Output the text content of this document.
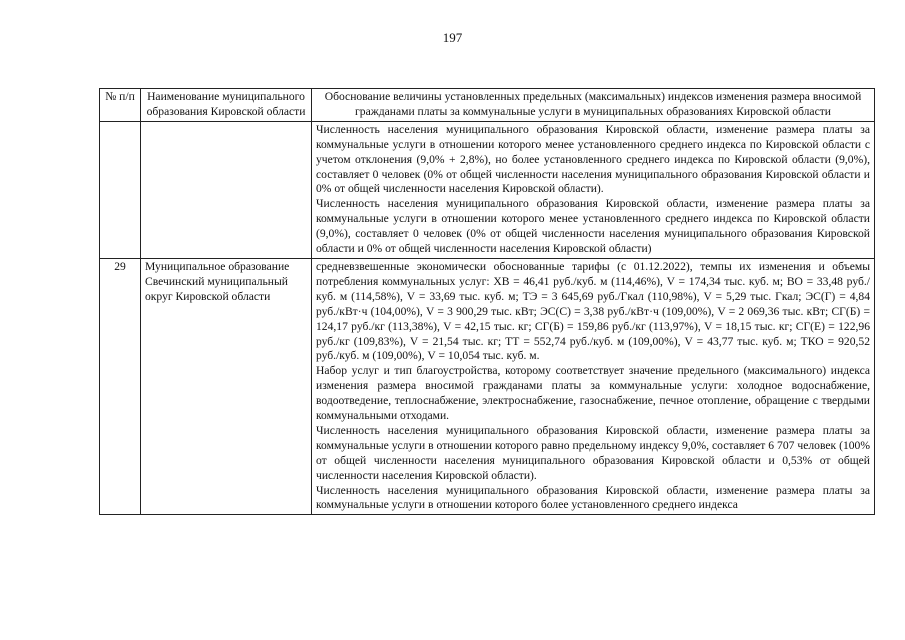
197
№ п/п	Наименование муниципального образования Кировской области	Обоснование величины установленных предельных (максимальных) индексов изменения размера вносимой гражданами платы за коммунальные услуги в муниципальных образованиях Кировской области

		Численность населения муниципального образования Кировской области, изменение размера платы за коммунальные услуги в отношении которого менее установленного среднего индекса по Кировской области с учетом отклонения (9,0% + 2,8%), но более установленного среднего индекса по Кировской области (9,0%), составляет 0 человек (0% от общей численности населения муниципального образования Кировской области и 0% от общей численности населения Кировской области).

Численность населения муниципального образования Кировской области, изменение размера платы за коммунальные услуги в отношении которого менее установленного среднего индекса по Кировской области (9,0%), составляет 0 человек (0% от общей численности населения муниципального образования Кировской области и 0% от общей численности населения Кировской области)

29	Муниципальное образование Свечинский муниципальный округ Кировской области	средневзвешенные экономически обоснованные тарифы (с 01.12.2022), темпы их изменения и объемы потребления коммунальных услуг: ХВ = 46,41 руб./куб. м (114,46%), V = 174,34 тыс. куб. м; ВО = 33,48 руб./куб. м (114,58%), V = 33,69 тыс. куб. м; ТЭ = 3 645,69 руб./Гкал (110,98%), V = 5,29 тыс. Гкал; ЭС(Г) = 4,84 руб./кВт·ч (104,00%), V = 3 900,29 тыс. кВт; ЭС(С) = 3,38 руб./кВт·ч (109,00%), V = 2 069,36 тыс. кВт; СГ(Б) = 124,17 руб./кг (113,38%), V = 42,15 тыс. кг; СГ(Б) = 159,86 руб./кг (113,97%), V = 18,15 тыс. кг; СГ(Е) = 122,96 руб./кг (109,83%), V = 21,54 тыс. кг; ТТ = 552,74 руб./куб. м (109,00%), V = 43,77 тыс. куб. м; ТКО = 920,52 руб./куб. м (109,00%), V = 10,054 тыс. куб. м.

Набор услуг и тип благоустройства, которому соответствует значение предельного (максимального) индекса изменения размера вносимой гражданами платы за коммунальные услуги: холодное водоснабжение, водоотведение, теплоснабжение, электроснабжение, газоснабжение, печное отопление, обращение с твердыми коммунальными отходами.

Численность населения муниципального образования Кировской области, изменение размера платы за коммунальные услуги в отношении которого равно предельному индексу 9,0%, составляет 6 707 человек (100% от общей численности населения муниципального образования Кировской области и 0,53% от общей численности населения Кировской области).

Численность населения муниципального образования Кировской области, изменение размера платы за коммунальные услуги в отношении которого более установленного среднего индекса
